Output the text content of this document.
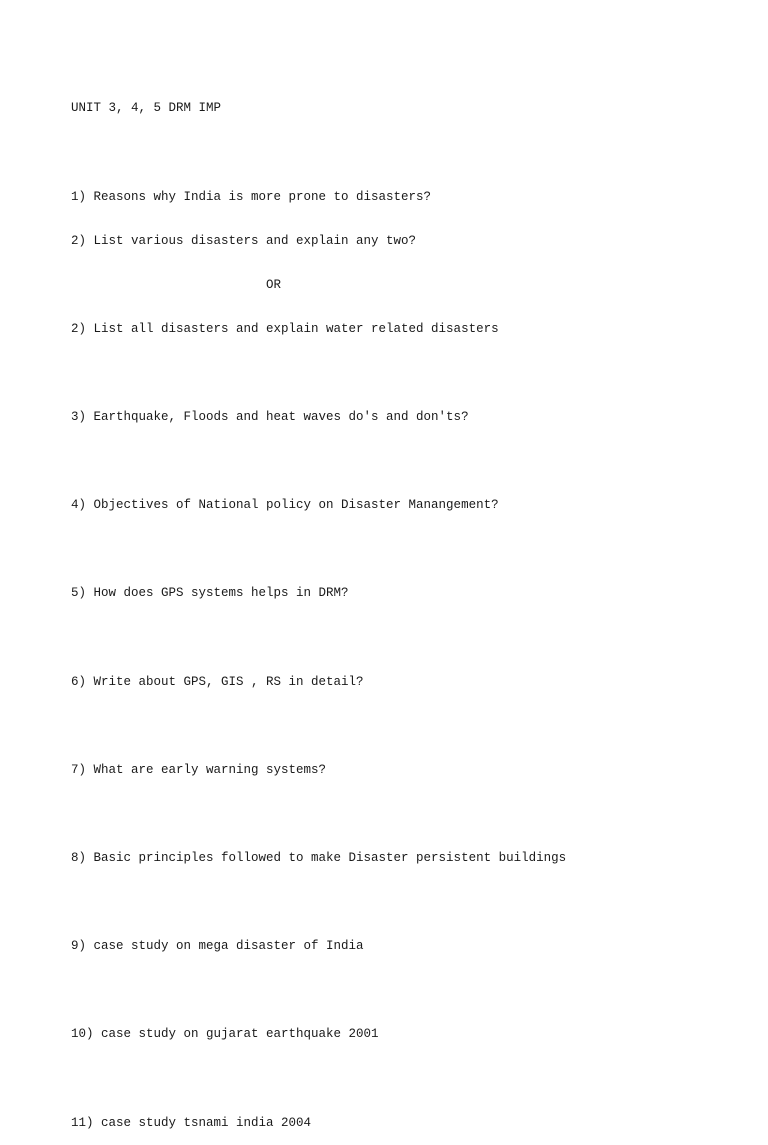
UNIT 3, 4, 5 DRM IMP

1) Reasons why India is more prone to disasters?

2) List various disasters and explain any two?

OR

2) List all disasters and explain water related disasters

3) Earthquake, Floods and heat waves do's and don'ts?

4) Objectives of National policy on Disaster Manangement?

5) How does GPS systems helps in DRM?

6) Write about GPS, GIS , RS in detail?

7) What are early warning systems?

8) Basic principles followed to make Disaster persistent buildings

9) case study on mega disaster of India

10) case study on gujarat earthquake 2001

11) case study tsnami india 2004
